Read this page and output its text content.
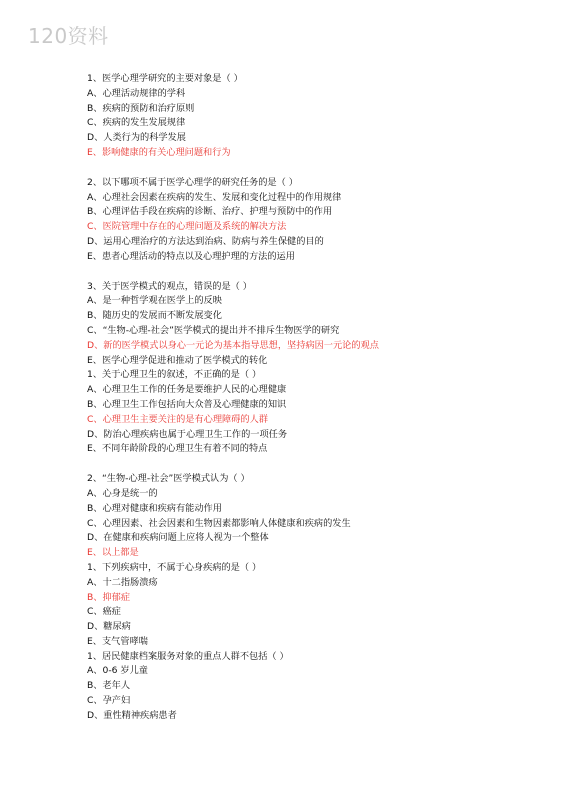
120资料
1、医学心理学研究的主要对象是（ ）
A、心理活动规律的学科
B、疾病的预防和治疗原则
C、疾病的发生发展规律
D、人类行为的科学发展
E、影响健康的有关心理问题和行为
2、以下哪项不属于医学心理学的研究任务的是（ ）
A、心理社会因素在疾病的发生、发展和变化过程中的作用规律
B、心理评估手段在疾病的诊断、治疗、护理与预防中的作用
C、医院管理中存在的心理问题及系统的解决方法
D、运用心理治疗的方法达到治病、防病与养生保健的目的
E、患者心理活动的特点以及心理护理的方法的运用
3、关于医学模式的观点，错误的是（ ）
A、是一种哲学观在医学上的反映
B、随历史的发展而不断发展变化
C、“生物-心理-社会”医学模式的提出并不排斥生物医学的研究
D、新的医学模式以身心一元论为基本指导思想，坚持病因一元论的观点
E、医学心理学促进和推动了医学模式的转化
1、关于心理卫生的叙述，不正确的是（ ）
A、心理卫生工作的任务是要维护人民的心理健康
B、心理卫生工作包括向大众普及心理健康的知识
C、心理卫生主要关注的是有心理障碍的人群
D、防治心理疾病也属于心理卫生工作的一项任务
E、不同年龄阶段的心理卫生有着不同的特点
2、“生物-心理-社会”医学模式认为（ ）
A、心身是统一的
B、心理对健康和疾病有能动作用
C、心理因素、社会因素和生物因素都影响人体健康和疾病的发生
D、在健康和疾病问题上应将人视为一个整体
E、以上都是
1、下列疾病中，不属于心身疾病的是（ ）
A、十二指肠溃疡
B、抑郁症
C、癌症
D、糖尿病
E、支气管哮喘
1、居民健康档案服务对象的重点人群不包括（ ）
A、0-6 岁儿童
B、老年人
C、孕产妇
D、重性精神疾病患者
